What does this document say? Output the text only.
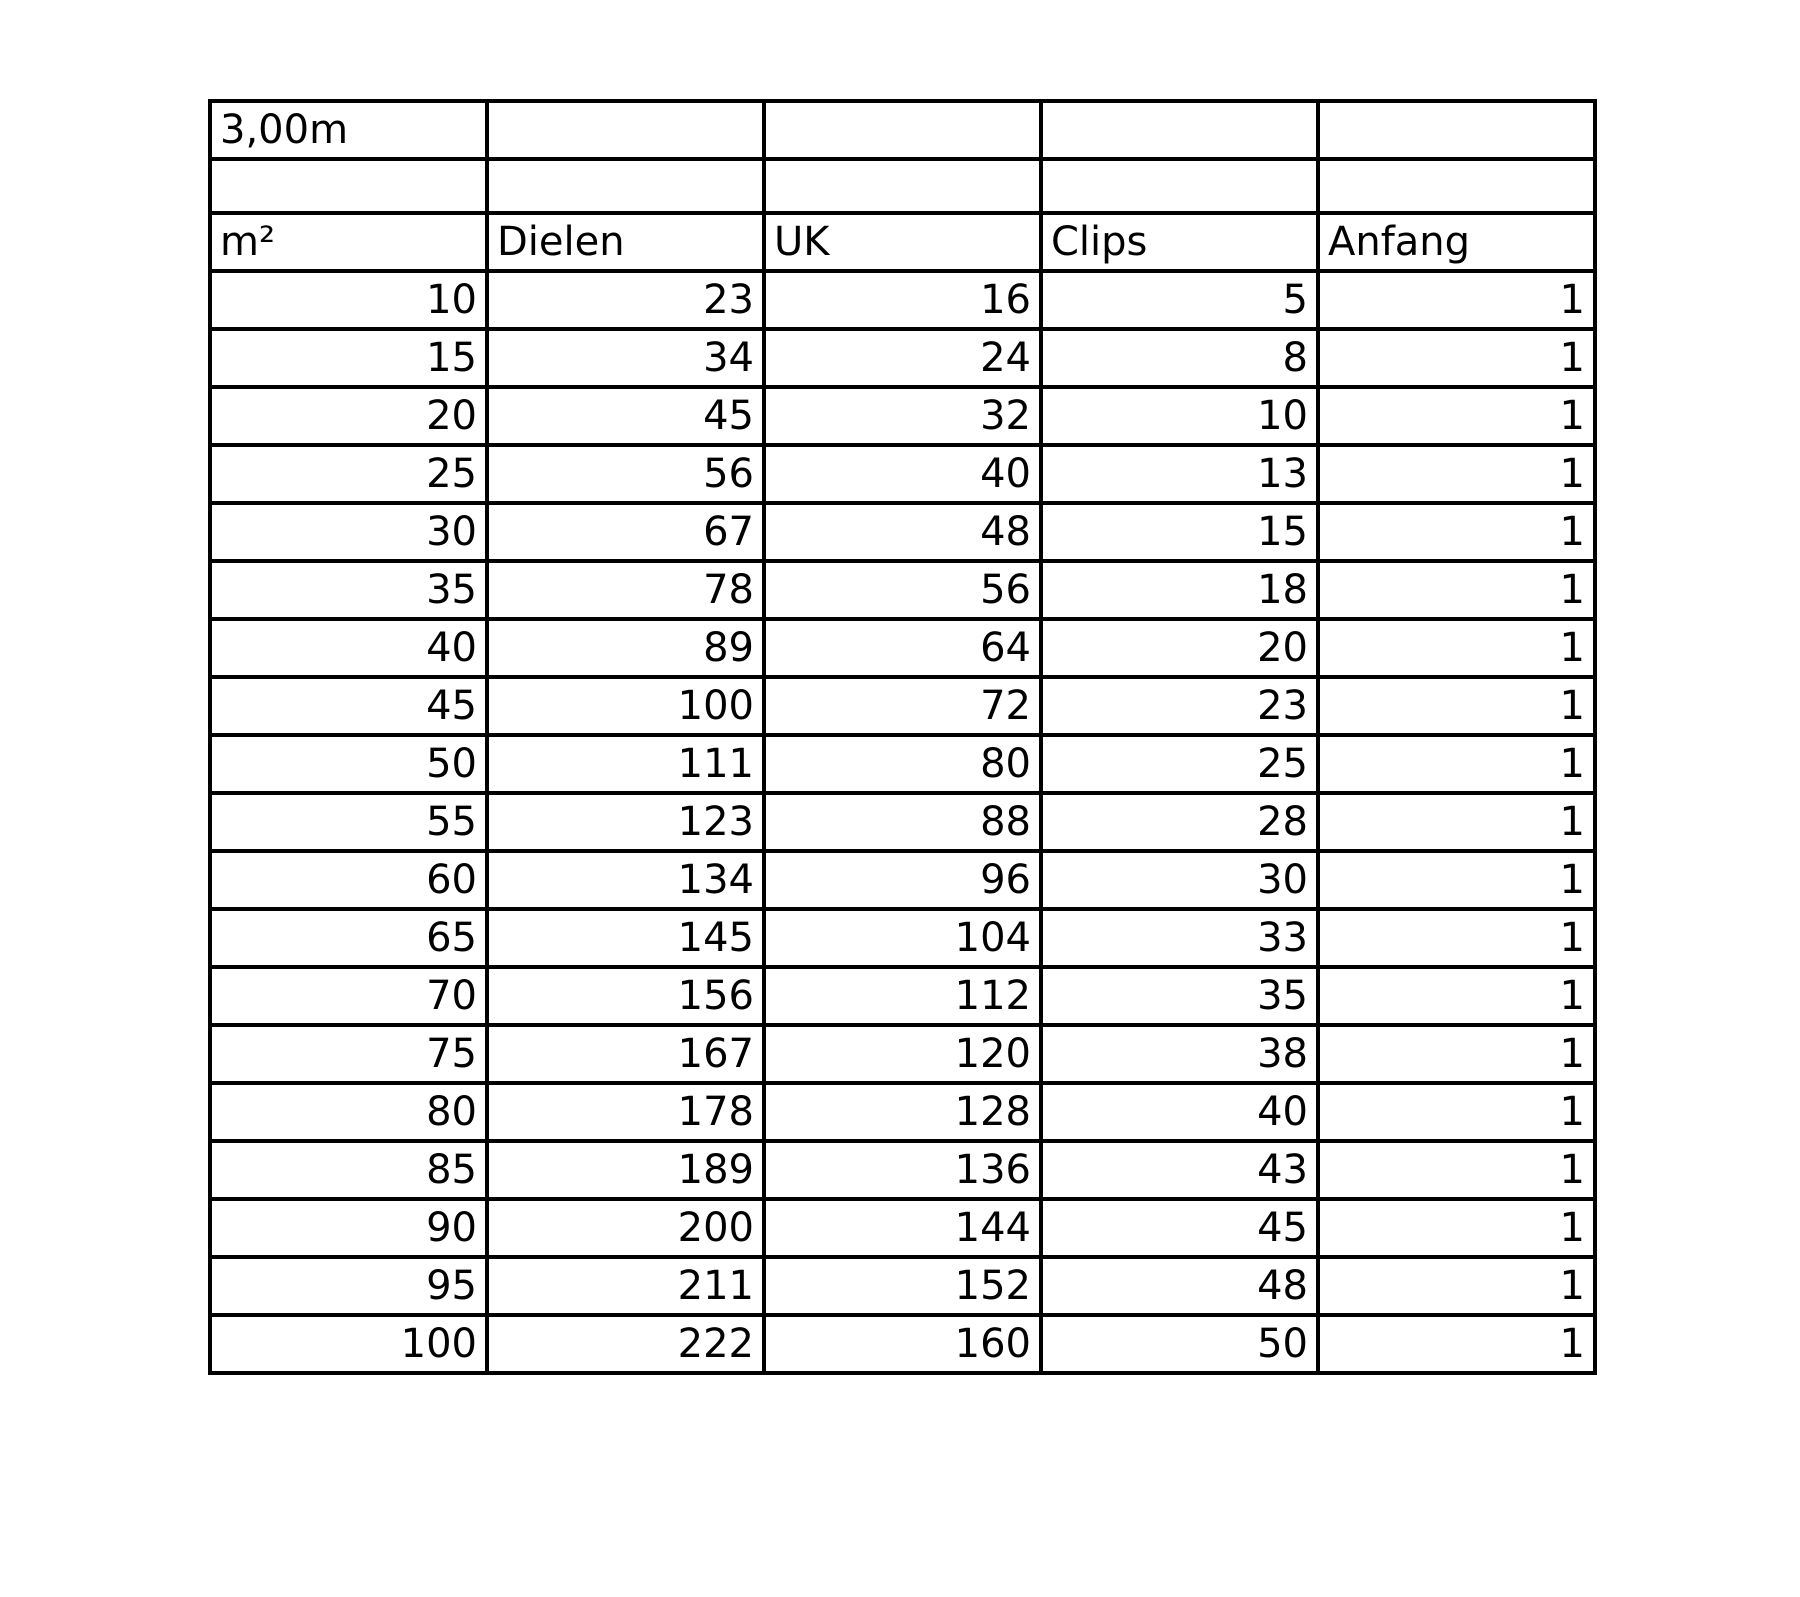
3,00m				

m²	Dielen	UK	Clips	Anfang
10	23	16	5	1
15	34	24	8	1
20	45	32	10	1
25	56	40	13	1
30	67	48	15	1
35	78	56	18	1
40	89	64	20	1
45	100	72	23	1
50	111	80	25	1
55	123	88	28	1
60	134	96	30	1
65	145	104	33	1
70	156	112	35	1
75	167	120	38	1
80	178	128	40	1
85	189	136	43	1
90	200	144	45	1
95	211	152	48	1
100	222	160	50	1
